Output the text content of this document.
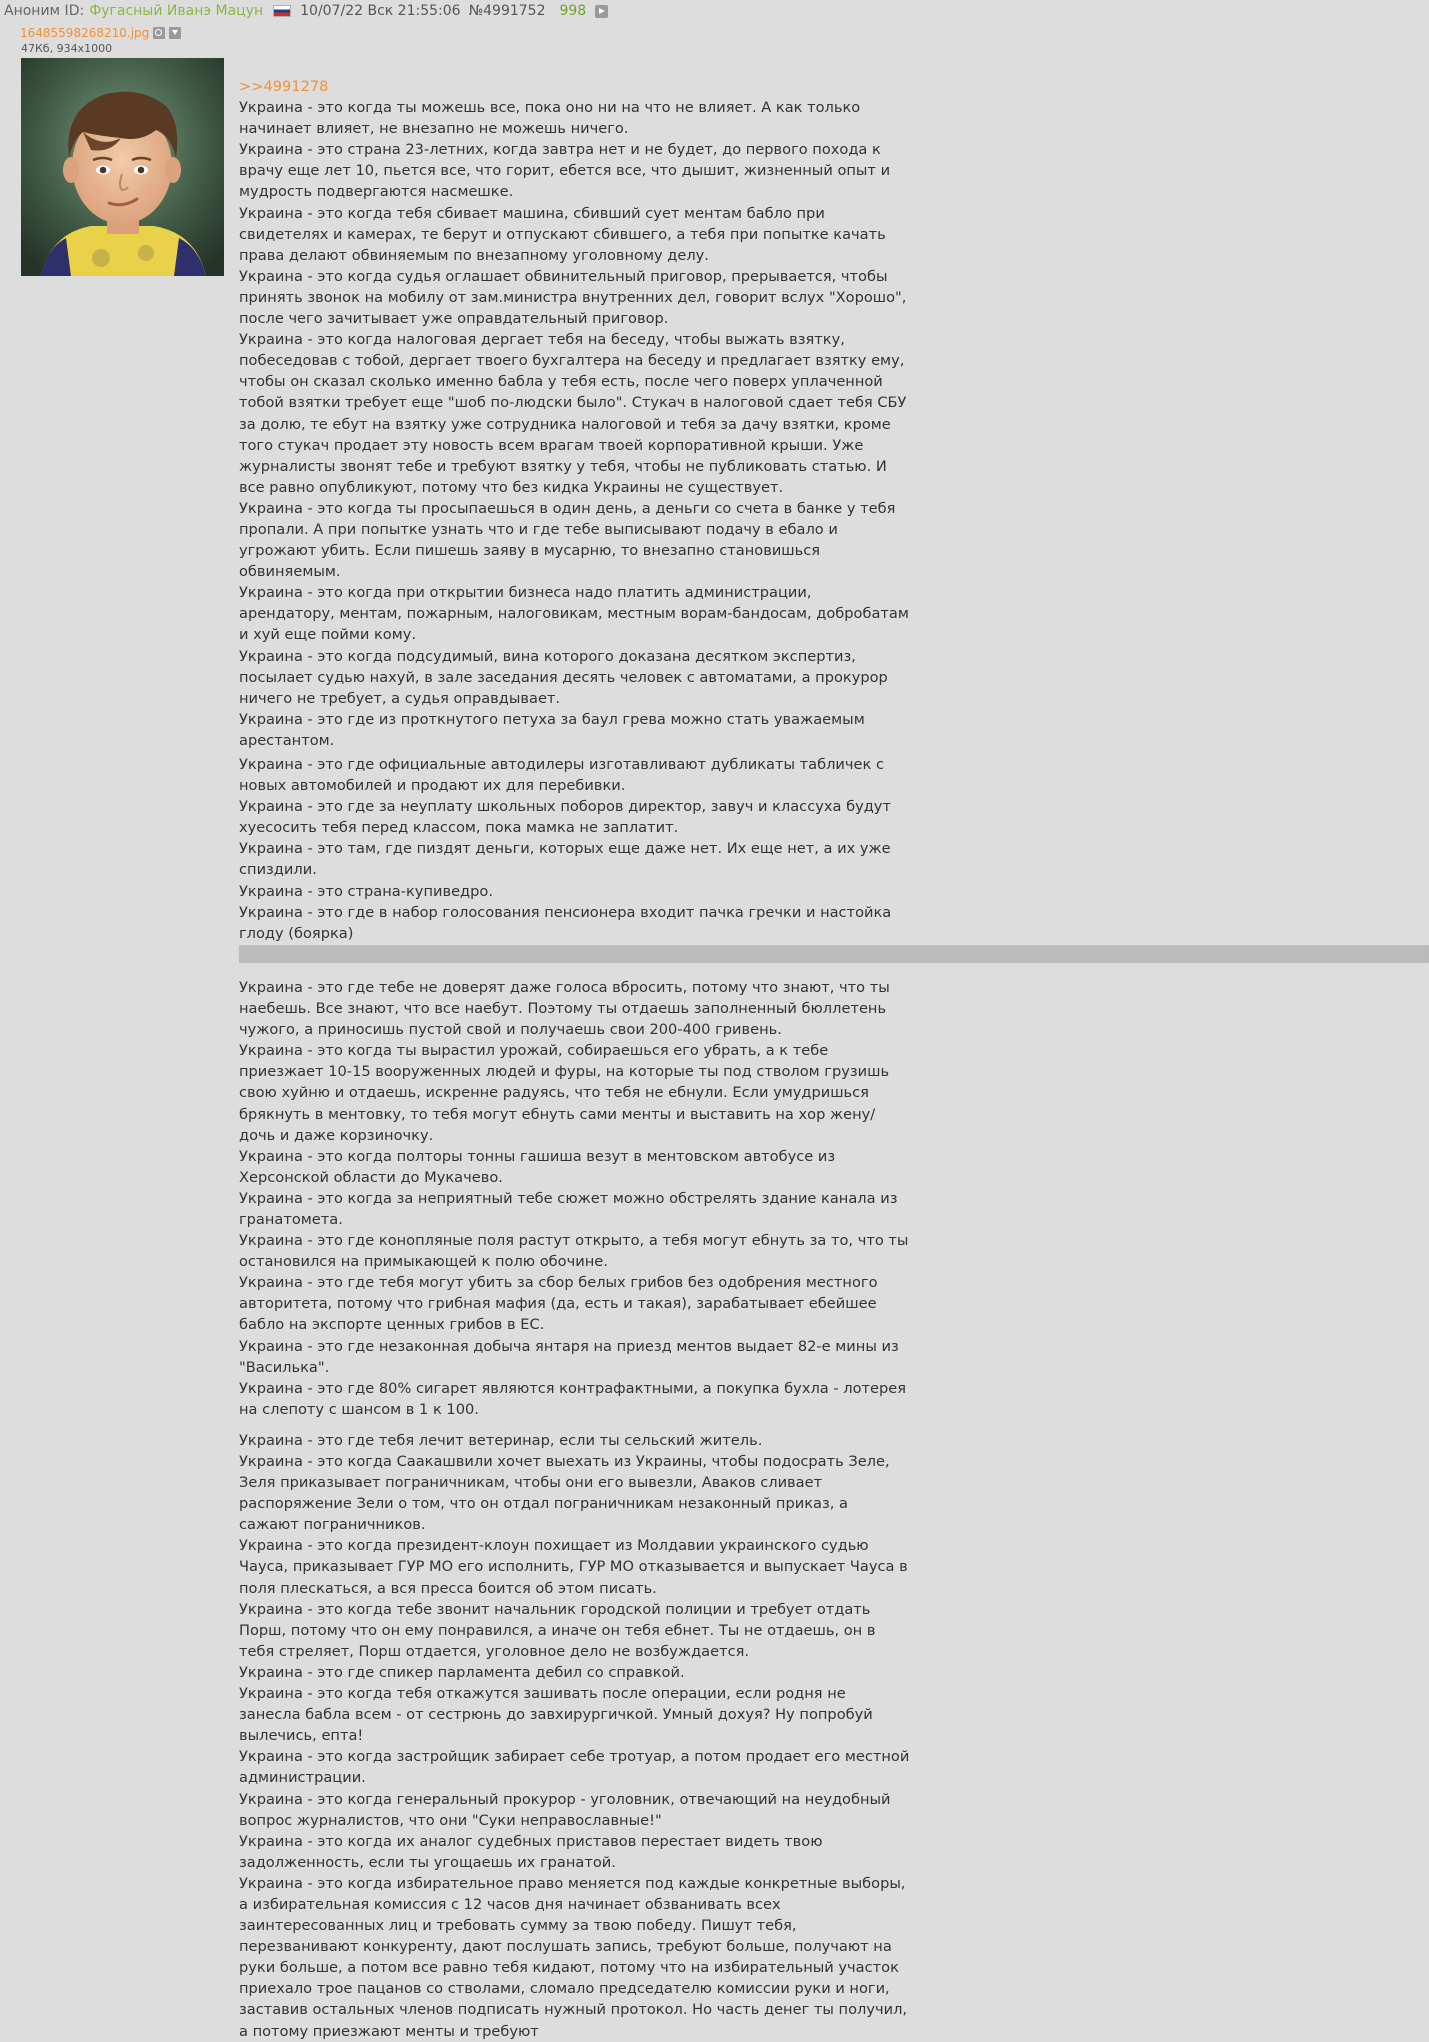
Аноним ID: Фугасный Иванэ Мацун	10/07/22 Вск 21:55:06 №4991752 998
16485598268210.jpg
47Кб, 934x1000

>>4991278

Украина - это когда ты можешь все, пока оно ни на что не влияет. А как только начинает влияет, не внезапно не можешь ничего.

Украина - это страна 23-летних, когда завтра нет и не будет, до первого похода к врачу еще лет 10, пьется все, что горит, ебется все, что дышит, жизненный опыт и мудрость подвергаются насмешке.

Украина - это когда тебя сбивает машина, сбивший сует ментам бабло при свидетелях и камерах, те берут и отпускают сбившего, а тебя при попытке качать права делают обвиняемым по внезапному уголовному делу.

Украина - это когда судья оглашает обвинительный приговор, прерывается, чтобы принять звонок на мобилу от зам.министра внутренних дел, говорит вслух "Хорошо", после чего зачитывает уже оправдательный приговор.

Украина - это когда налоговая дергает тебя на беседу, чтобы выжать взятку, побеседовав с тобой, дергает твоего бухгалтера на беседу и предлагает взятку ему, чтобы он сказал сколько именно бабла у тебя есть, после чего поверх уплаченной тобой взятки требует еще "шоб по-людски было". Стукач в налоговой сдает тебя СБУ за долю, те ебут на взятку уже сотрудника налоговой и тебя за дачу взятки, кроме того стукач продает эту новость всем врагам твоей корпоративной крыши. Уже журналисты звонят тебе и требуют взятку у тебя, чтобы не публиковать статью. И все равно опубликуют, потому что без кидка Украины не существует.

Украина - это когда ты просыпаешься в один день, а деньги со счета в банке у тебя пропали. А при попытке узнать что и где тебе выписывают подачу в ебало и угрожают убить. Если пишешь заяву в мусарню, то внезапно становишься обвиняемым.

Украина - это когда при открытии бизнеса надо платить администрации, арендатору, ментам, пожарным, налоговикам, местным ворам-бандосам, добробатам и хуй еще пойми кому.

Украина - это когда подсудимый, вина которого доказана десятком экспертиз, посылает судью нахуй, в зале заседания десять человек с автоматами, а прокурор ничего не требует, а судья оправдывает.

Украина - это где из проткнутого петуха за баул грева можно стать уважаемым арестантом.

Украина - это где официальные автодилеры изготавливают дубликаты табличек с новых автомобилей и продают их для перебивки.

Украина - это где за неуплату школьных поборов директор, завуч и классуха будут хуесосить тебя перед классом, пока мамка не заплатит.

Украина - это там, где пиздят деньги, которых еще даже нет. Их еще нет, а их уже спиздили.

Украина - это страна-купиведро.

Украина - это где в набор голосования пенсионера входит пачка гречки и настойка глоду (боярка) ██████████████████████████████████████████████████████████████████████████████████████████████████████████

Украина - это где тебе не доверят даже голоса вбросить, потому что знают, что ты наебешь. Все знают, что все наебут. Поэтому ты отдаешь заполненный бюллетень чужого, а приносишь пустой свой и получаешь свои 200-400 гривень.

Украина - это когда ты вырастил урожай, собираешься его убрать, а к тебе приезжает 10-15 вооруженных людей и фуры, на которые ты под стволом грузишь свою хуйню и отдаешь, искренне радуясь, что тебя не ебнули. Если умудришься брякнуть в ментовку, то тебя могут ебнуть сами менты и выставить на хор жену/дочь и даже корзиночку.

Украина - это когда полторы тонны гашиша везут в ментовском автобусе из Херсонской области до Мукачево.

Украина - это когда за неприятный тебе сюжет можно обстрелять здание канала из гранатомета.

Украина - это где конопляные поля растут открыто, а тебя могут ебнуть за то, что ты остановился на примыкающей к полю обочине.

Украина - это где тебя могут убить за сбор белых грибов без одобрения местного авторитета, потому что грибная мафия (да, есть и такая), зарабатывает ебейшее бабло на экспорте ценных грибов в ЕС.

Украина - это где незаконная добыча янтаря на приезд ментов выдает 82-е мины из "Василька".

Украина - это где 80% сигарет являются контрафактными, а покупка бухла - лотерея на слепоту с шансом в 1 к 100.

Украина - это где тебя лечит ветеринар, если ты сельский житель.

Украина - это когда Саакашвили хочет выехать из Украины, чтобы подосрать Зеле, Зеля приказывает пограничникам, чтобы они его вывезли, Аваков сливает распоряжение Зели о том, что он отдал пограничникам незаконный приказ, а сажают пограничников.

Украина - это когда президент-клоун похищает из Молдавии украинского судью Чауса, приказывает ГУР МО его исполнить, ГУР МО отказывается и выпускает Чауса в поля плескаться, а вся пресса боится об этом писать.

Украина - это когда тебе звонит начальник городской полиции и требует отдать Порш, потому что он ему понравился, а иначе он тебя ебнет. Ты не отдаешь, он в тебя стреляет, Порш отдается, уголовное дело не возбуждается.

Украина - это где спикер парламента дебил со справкой.

Украина - это когда тебя откажутся зашивать после операции, если родня не занесла бабла всем - от сестрюнь до завхирургичкой. Умный дохуя? Ну попробуй вылечись, епта!

Украина - это когда застройщик забирает себе тротуар, а потом продает его местной администрации.

Украина - это когда генеральный прокурор - уголовник, отвечающий на неудобный вопрос журналистов, что они "Суки неправославные!"

Украина - это когда их аналог судебных приставов перестает видеть твою задолженность, если ты угощаешь их гранатой.

Украина - это когда избирательное право меняется под каждые конкретные выборы, а избирательная комиссия с 12 часов дня начинает обзванивать всех заинтересованных лиц и требовать сумму за твою победу. Пишут тебя, перезванивают конкуренту, дают послушать запись, требуют больше, получают на руки больше, а потом все равно тебя кидают, потому что на избирательный участок приехало трое пацанов со стволами, сломало председателю комиссии руки и ноги, заставив остальных членов подписать нужный протокол. Но часть денег ты получил, а потому приезжают менты и требуют
